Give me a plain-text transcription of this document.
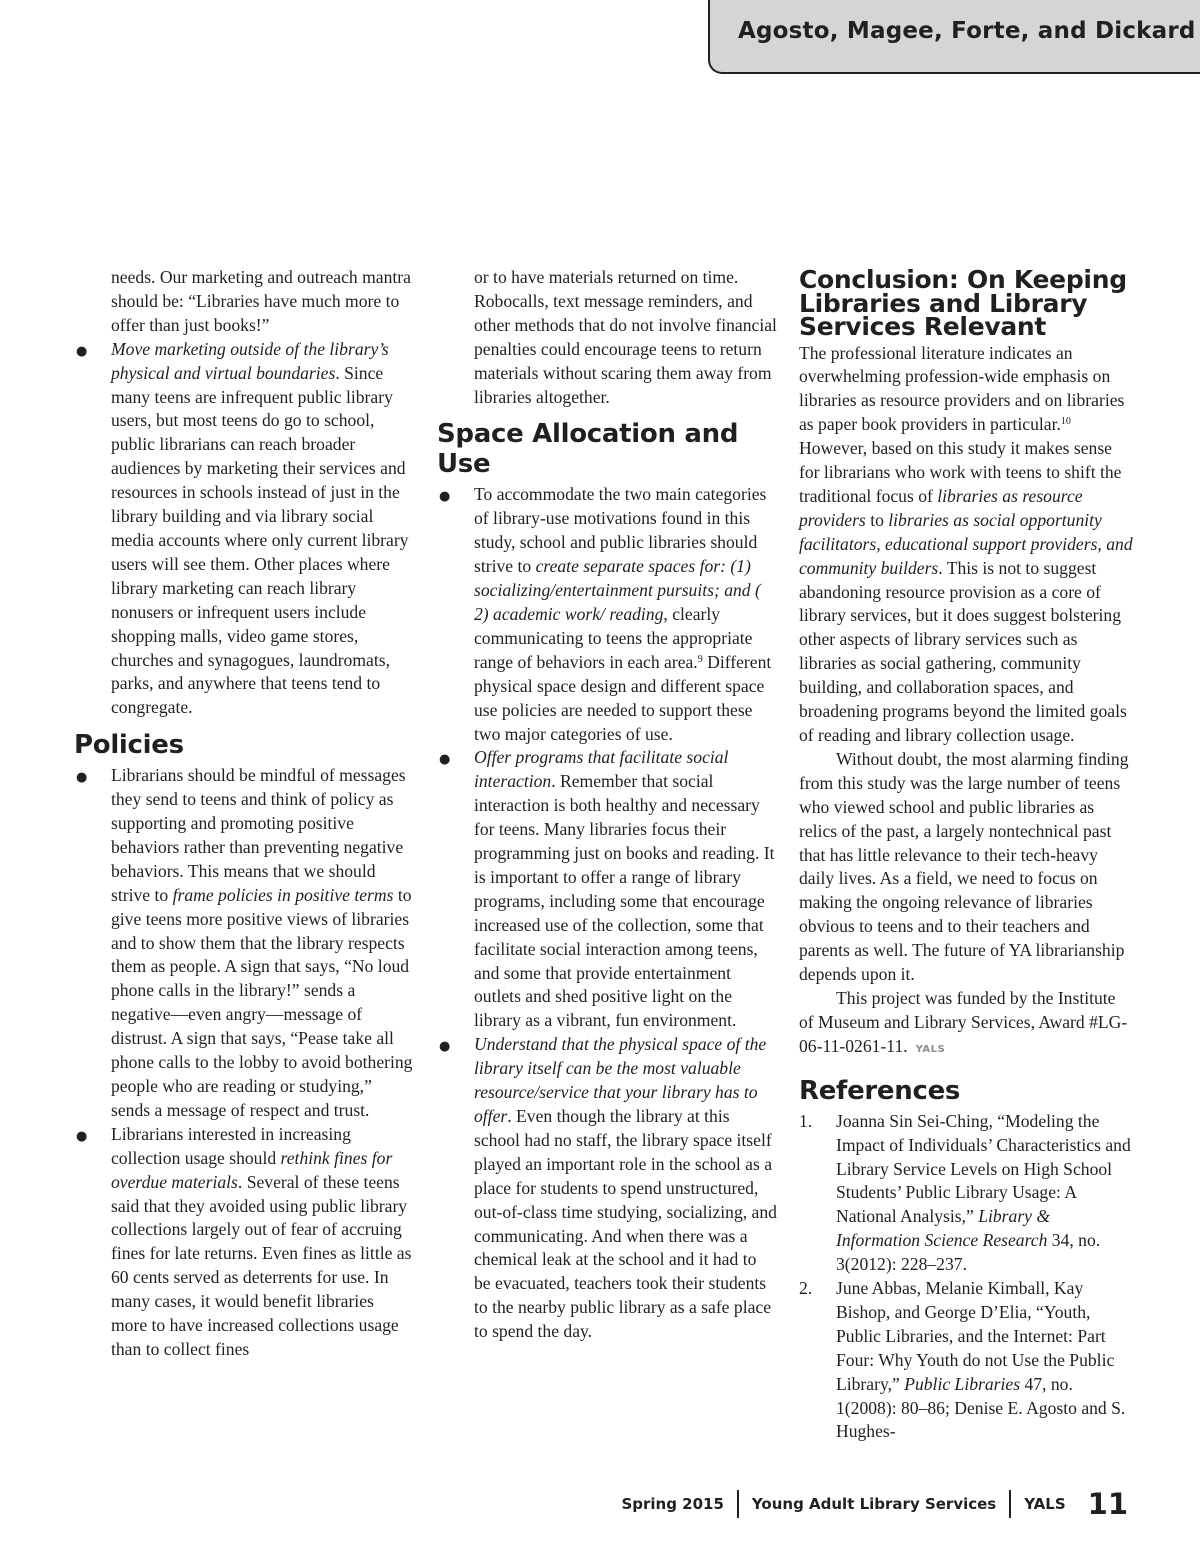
Agosto, Magee, Forte, and Dickard

needs. Our marketing and outreach mantra should be: “Libraries have much more to offer than just books!”

● Move marketing outside of the library’s physical and virtual boundaries. Since many teens are infrequent public library users, but most teens do go to school, public librarians can reach broader audiences by marketing their services and resources in schools instead of just in the library building and via library social media accounts where only current library users will see them. Other places where library marketing can reach library nonusers or infrequent users include shopping malls, video game stores, churches and synagogues, laundromats, parks, and anywhere that teens tend to congregate.
Policies
● Librarians should be mindful of messages they send to teens and think of policy as supporting and promoting positive behaviors rather than preventing negative behaviors. This means that we should strive to frame policies in positive terms to give teens more positive views of libraries and to show them that the library respects them as people. A sign that says, “No loud phone calls in the library!” sends a negative—even angry—message of distrust. A sign that says, “Pease take all phone calls to the lobby to avoid bothering people who are reading or studying,” sends a message of respect and trust.
● Librarians interested in increasing collection usage should rethink fines for overdue materials. Several of these teens said that they avoided using public library collections largely out of fear of accruing fines for late returns. Even fines as little as 60 cents served as deterrents for use. In many cases, it would benefit libraries more to have increased collections usage than to collect fines

or to have materials returned on time. Robocalls, text message reminders, and other methods that do not involve financial penalties could encourage teens to return materials without scaring them away from libraries altogether.

Space Allocation and Use
● To accommodate the two main categories of library-use motivations found in this study, school and public libraries should strive to create separate spaces for: (1) socializing/entertainment pursuits; and ( 2) academic work/ reading, clearly communicating to teens the appropriate range of behaviors in each area.$^9$ Different physical space design and different space use policies are needed to support these two major categories of use.
● Offer programs that facilitate social interaction. Remember that social interaction is both healthy and necessary for teens. Many libraries focus their programming just on books and reading. It is important to offer a range of library programs, including some that encourage increased use of the collection, some that facilitate social interaction among teens, and some that provide entertainment outlets and shed positive light on the library as a vibrant, fun environment.
● Understand that the physical space of the library itself can be the most valuable resource/service that your library has to offer. Even though the library at this school had no staff, the library space itself played an important role in the school as a place for students to spend unstructured, out-of-class time studying, socializing, and communicating. And when there was a chemical leak at the school and it had to be evacuated, teachers took their students to the nearby public library as a safe place to spend the day.
Conclusion: On Keeping Libraries and Library Services Relevant

The professional literature indicates an overwhelming profession-wide emphasis on libraries as resource providers and on libraries as paper book providers in particular.$^{10}$ However, based on this study it makes sense for librarians who work with teens to shift the traditional focus of libraries as resource providers to libraries as social opportunity facilitators, educational support providers, and community builders. This is not to suggest abandoning resource provision as a core of library services, but it does suggest bolstering other aspects of library services such as libraries as social gathering, community building, and collaboration spaces, and broadening programs beyond the limited goals of reading and library collection usage.

Without doubt, the most alarming finding from this study was the large number of teens who viewed school and public libraries as relics of the past, a largely nontechnical past that has little relevance to their tech-heavy daily lives. As a field, we need to focus on making the ongoing relevance of libraries obvious to teens and to their teachers and parents as well. The future of YA librarianship depends upon it.

This project was funded by the Institute of Museum and Library Services, Award #LG-06-11-0261-11. YALS

References
1. Joanna Sin Sei-Ching, “Modeling the Impact of Individuals’ Characteristics and Library Service Levels on High School Students’ Public Library Usage: A National Analysis,” Library & Information Science Research 34, no. 3(2012): 228–237.
2. June Abbas, Melanie Kimball, Kay Bishop, and George D’Elia, “Youth, Public Libraries, and the Internet: Part Four: Why Youth do not Use the Public Library,” Public Libraries 47, no. 1(2008): 80–86; Denise E. Agosto and S. Hughes-
Spring 2015 Young Adult Library Services YALS 11
